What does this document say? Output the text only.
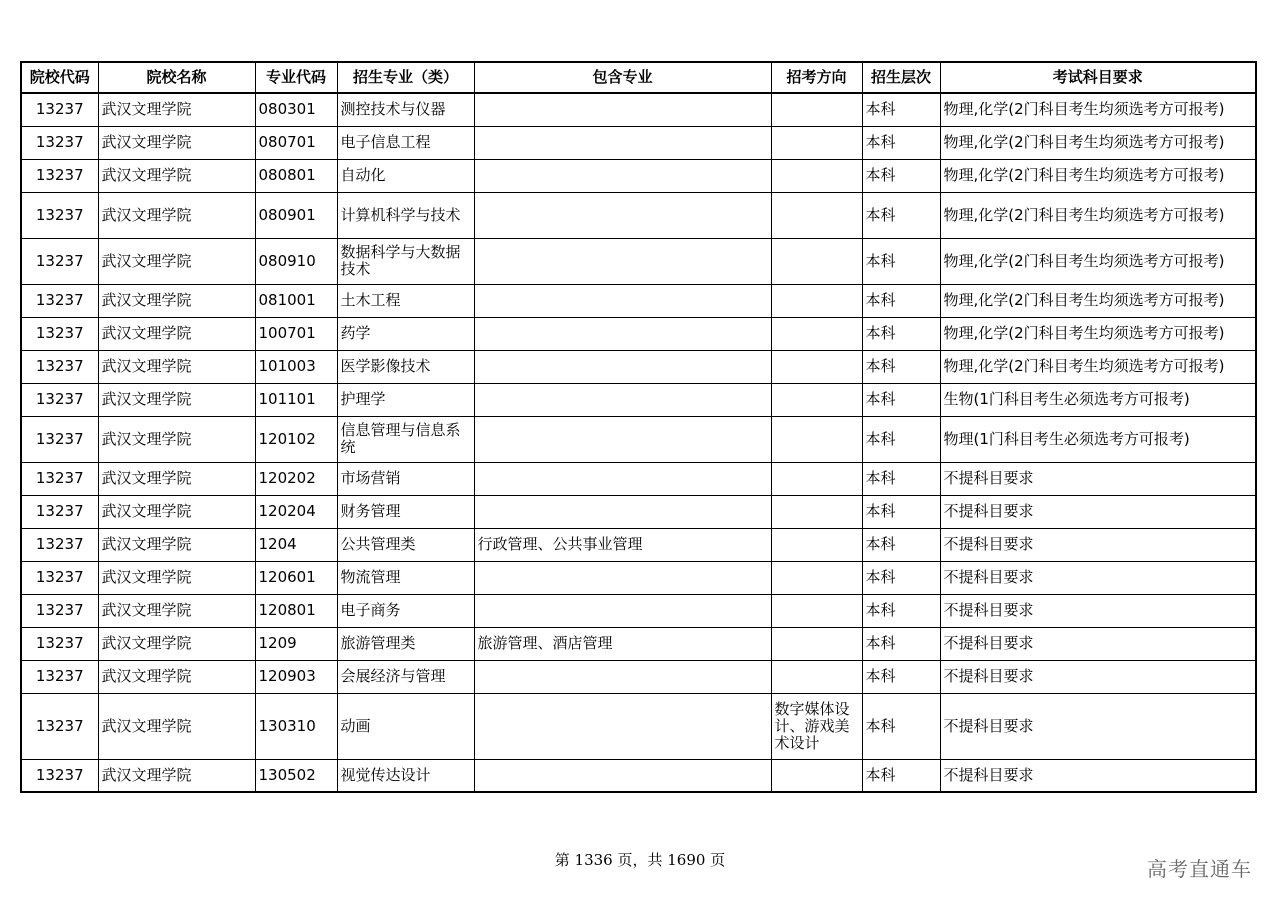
院校代码	院校名称	专业代码	招生专业（类）	包含专业	招考方向	招生层次	考试科目要求
13237	武汉文理学院	080301	测控技术与仪器			本科	物理,化学(2门科目考生均须选考方可报考)
13237	武汉文理学院	080701	电子信息工程			本科	物理,化学(2门科目考生均须选考方可报考)
13237	武汉文理学院	080801	自动化			本科	物理,化学(2门科目考生均须选考方可报考)
13237	武汉文理学院	080901	计算机科学与技术			本科	物理,化学(2门科目考生均须选考方可报考)
13237	武汉文理学院	080910	数据科学与大数据技术			本科	物理,化学(2门科目考生均须选考方可报考)
13237	武汉文理学院	081001	土木工程			本科	物理,化学(2门科目考生均须选考方可报考)
13237	武汉文理学院	100701	药学			本科	物理,化学(2门科目考生均须选考方可报考)
13237	武汉文理学院	101003	医学影像技术			本科	物理,化学(2门科目考生均须选考方可报考)
13237	武汉文理学院	101101	护理学			本科	生物(1门科目考生必须选考方可报考)
13237	武汉文理学院	120102	信息管理与信息系统			本科	物理(1门科目考生必须选考方可报考)
13237	武汉文理学院	120202	市场营销			本科	不提科目要求
13237	武汉文理学院	120204	财务管理			本科	不提科目要求
13237	武汉文理学院	1204	公共管理类	行政管理、公共事业管理		本科	不提科目要求
13237	武汉文理学院	120601	物流管理			本科	不提科目要求
13237	武汉文理学院	120801	电子商务			本科	不提科目要求
13237	武汉文理学院	1209	旅游管理类	旅游管理、酒店管理		本科	不提科目要求
13237	武汉文理学院	120903	会展经济与管理			本科	不提科目要求
13237	武汉文理学院	130310	动画		数字媒体设计、游戏美术设计	本科	不提科目要求
13237	武汉文理学院	130502	视觉传达设计			本科	不提科目要求
第 1336 页，共 1690 页	高考直通车
